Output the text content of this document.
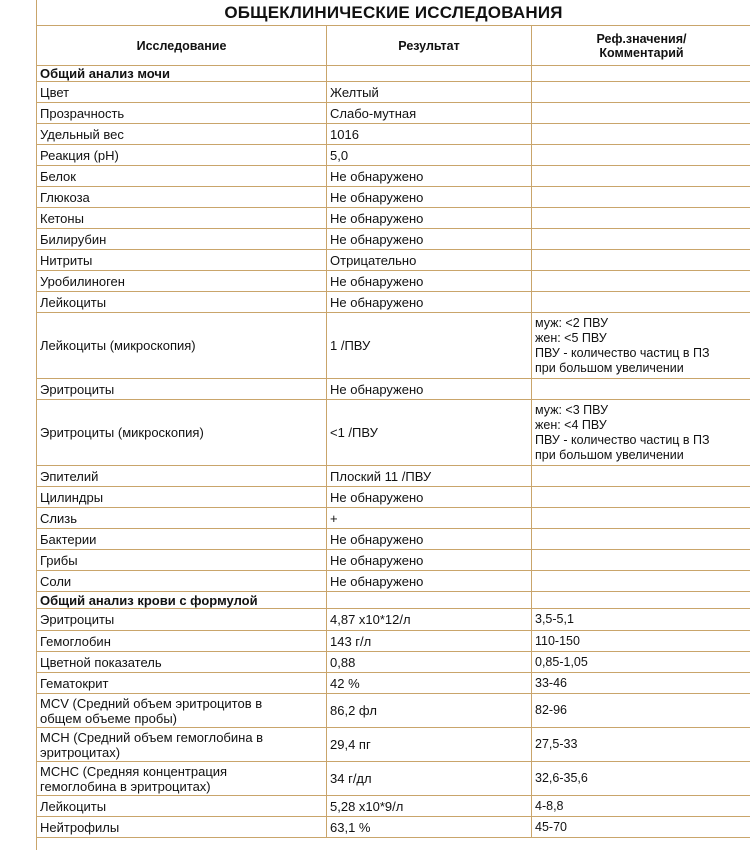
ОБЩЕКЛИНИЧЕСКИЕ ИССЛЕДОВАНИЯ
Исследование	Результат	Реф.значения/
Комментарий
Общий анализ мочи		
Цвет	Желтый	
Прозрачность	Слабо-мутная	
Удельный вес	1016	
Реакция (pH)	5,0	
Белок	Не обнаружено	
Глюкоза	Не обнаружено	
Кетоны	Не обнаружено	
Билирубин	Не обнаружено	
Нитриты	Отрицательно	
Уробилиноген	Не обнаружено	
Лейкоциты	Не обнаружено	
Лейкоциты (микроскопия)	1 /ПВУ	муж: <2 ПВУ
жен: <5 ПВУ
ПВУ - количество частиц в ПЗ
при большом увеличении
Эритроциты	Не обнаружено	
Эритроциты (микроскопия)	<1 /ПВУ	муж: <3 ПВУ
жен: <4 ПВУ
ПВУ - количество частиц в ПЗ
при большом увеличении
Эпителий	Плоский 11 /ПВУ	
Цилиндры	Не обнаружено	
Слизь	+	
Бактерии	Не обнаружено	
Грибы	Не обнаружено	
Соли	Не обнаружено	
Общий анализ крови с формулой		
Эритроциты	4,87 х10*12/л	3,5-5,1
Гемоглобин	143 г/л	110-150
Цветной показатель	0,88	0,85-1,05
Гематокрит	42 %	33-46
MCV (Средний объем эритроцитов в
общем объеме пробы)	86,2 фл	82-96
MCH (Средний объем гемоглобина в
эритроцитах)	29,4 пг	27,5-33
MCHC (Средняя концентрация
гемоглобина в эритроцитах)	34 г/дл	32,6-35,6
Лейкоциты	5,28 х10*9/л	4-8,8
Нейтрофилы	63,1 %	45-70
